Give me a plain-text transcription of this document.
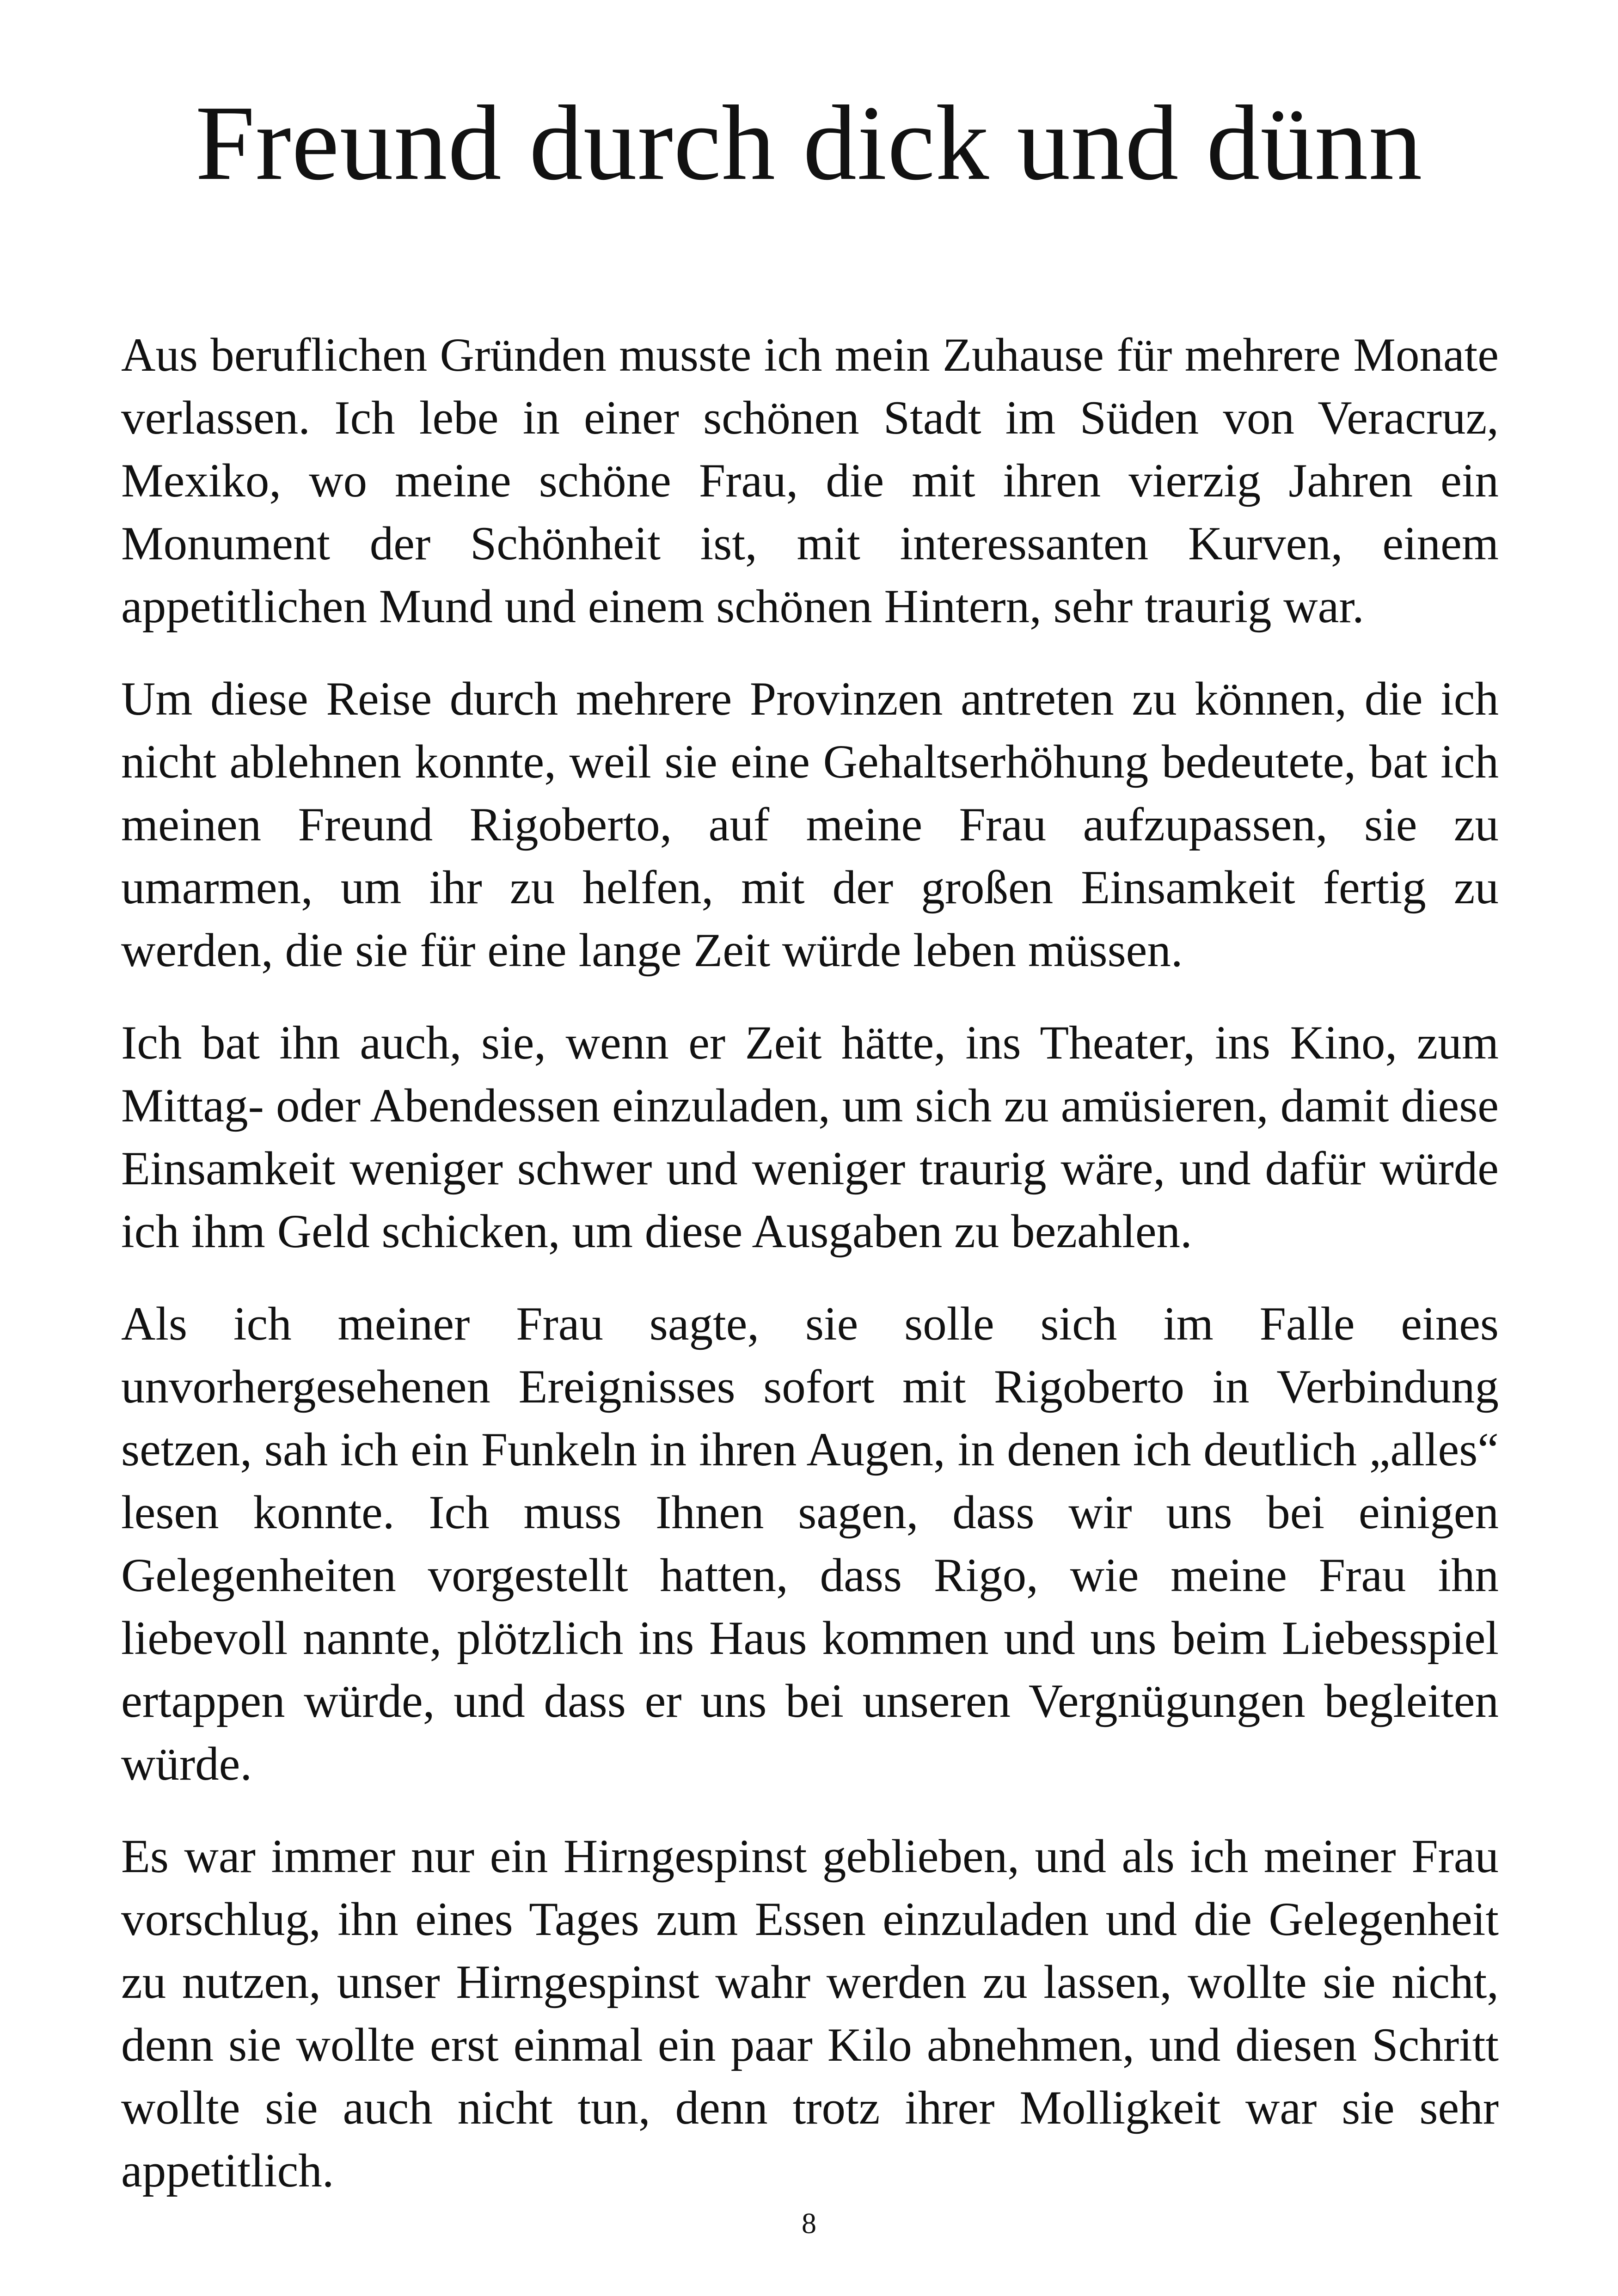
Freund durch dick und dünn

Aus beruflichen Gründen musste ich mein Zuhause für mehrere Monate verlassen. Ich lebe in einer schönen Stadt im Süden von Veracruz, Mexiko, wo meine schöne Frau, die mit ihren vierzig Jahren ein Monument der Schönheit ist, mit interessanten Kurven, einem appetitlichen Mund und einem schönen Hintern, sehr traurig war.

Um diese Reise durch mehrere Provinzen antreten zu können, die ich nicht ablehnen konnte, weil sie eine Gehaltserhöhung bedeutete, bat ich meinen Freund Rigoberto, auf meine Frau aufzupassen, sie zu umarmen, um ihr zu helfen, mit der großen Einsamkeit fertig zu werden, die sie für eine lange Zeit würde leben müssen.

Ich bat ihn auch, sie, wenn er Zeit hätte, ins Theater, ins Kino, zum Mittag- oder Abendessen einzuladen, um sich zu amüsieren, damit diese Einsamkeit weniger schwer und weniger traurig wäre, und dafür würde ich ihm Geld schicken, um diese Ausgaben zu bezahlen.

Als ich meiner Frau sagte, sie solle sich im Falle eines unvorhergesehenen Ereignisses sofort mit Rigoberto in Verbindung setzen, sah ich ein Funkeln in ihren Augen, in denen ich deutlich „alles“ lesen konnte. Ich muss Ihnen sagen, dass wir uns bei einigen Gelegenheiten vorgestellt hatten, dass Rigo, wie meine Frau ihn liebevoll nannte, plötzlich ins Haus kommen und uns beim Liebesspiel ertappen würde, und dass er uns bei unseren Vergnügungen begleiten würde.

Es war immer nur ein Hirngespinst geblieben, und als ich meiner Frau vorschlug, ihn eines Tages zum Essen einzuladen und die Gelegenheit zu nutzen, unser Hirngespinst wahr werden zu lassen, wollte sie nicht, denn sie wollte erst einmal ein paar Kilo abnehmen, und diesen Schritt wollte sie auch nicht tun, denn trotz ihrer Molligkeit war sie sehr appetitlich.

8
